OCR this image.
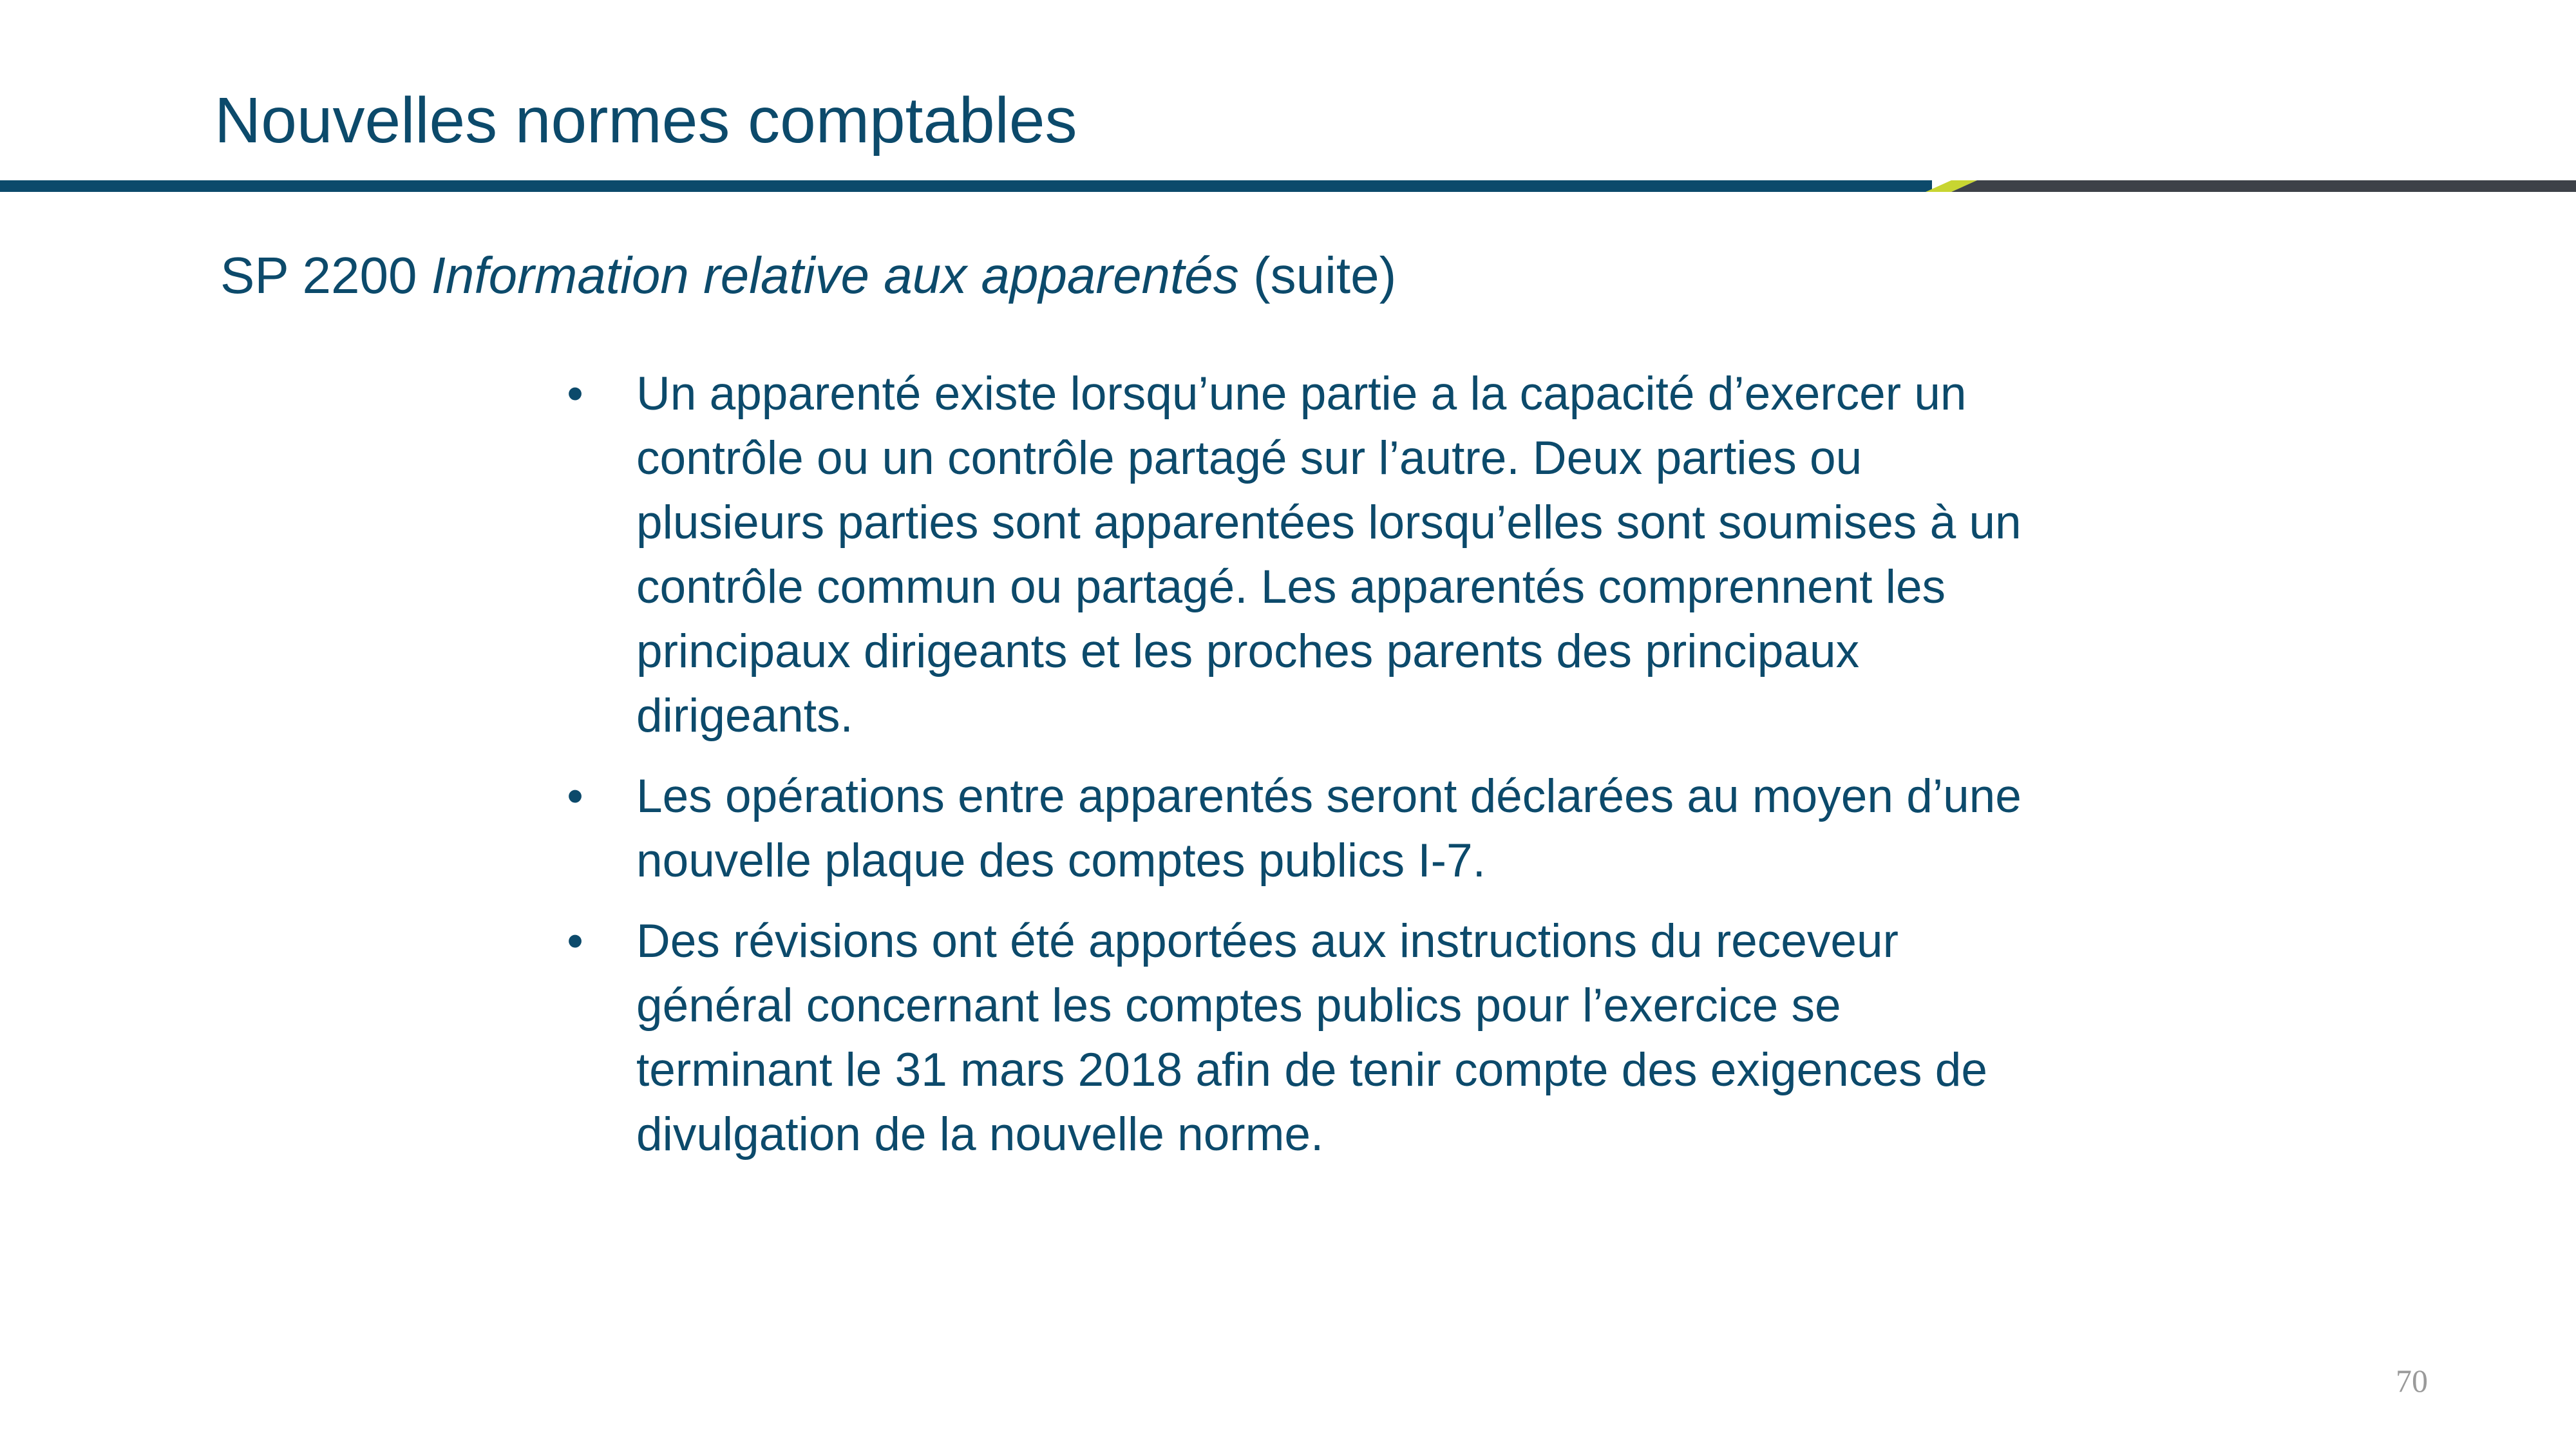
Nouvelles normes comptables
SP 2200 Information relative aux apparentés (suite)
• Un apparenté existe lorsqu’une partie a la capacité d’exercer un contrôle ou un contrôle partagé sur l’autre. Deux parties ou plusieurs parties sont apparentées lorsqu’elles sont soumises à un contrôle commun ou partagé. Les apparentés comprennent les principaux dirigeants et les proches parents des principaux dirigeants.
• Les opérations entre apparentés seront déclarées au moyen d’une nouvelle plaque des comptes publics I-7.
• Des révisions ont été apportées aux instructions du receveur général concernant les comptes publics pour l’exercice se terminant le 31 mars 2018 afin de tenir compte des exigences de divulgation de la nouvelle norme.
70
